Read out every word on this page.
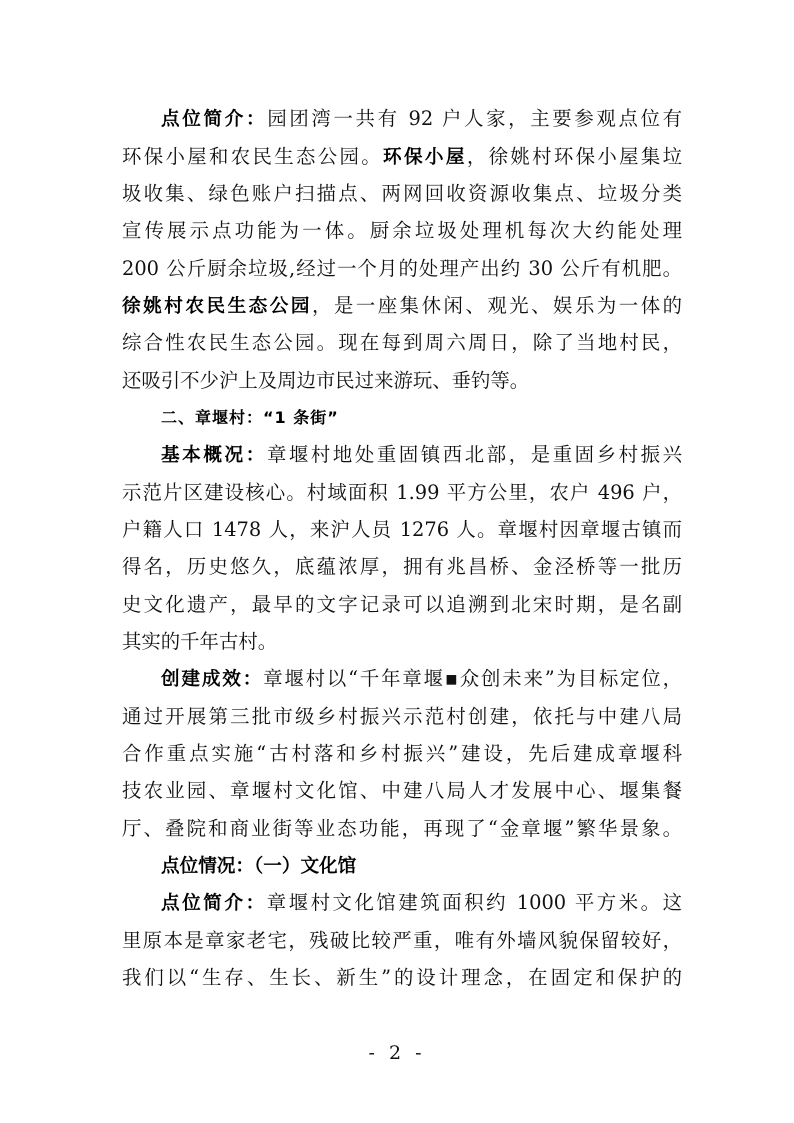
点位简介：园团湾一共有 92 户人家，主要参观点位有
环保小屋和农民生态公园。环保小屋，徐姚村环保小屋集垃
圾收集、绿色账户扫描点、两网回收资源收集点、垃圾分类
宣传展示点功能为一体。厨余垃圾处理机每次大约能处理
200 公斤厨余垃圾,经过一个月的处理产出约 30 公斤有机肥。
徐姚村农民生态公园，是一座集休闲、观光、娱乐为一体的
综合性农民生态公园。现在每到周六周日，除了当地村民，
还吸引不少沪上及周边市民过来游玩、垂钓等。
二、章堰村：“1 条街”
基本概况：章堰村地处重固镇西北部，是重固乡村振兴
示范片区建设核心。村域面积 1.99 平方公里，农户 496 户，
户籍人口 1478 人，来沪人员 1276 人。章堰村因章堰古镇而
得名，历史悠久，底蕴浓厚，拥有兆昌桥、金泾桥等一批历
史文化遗产，最早的文字记录可以追溯到北宋时期，是名副
其实的千年古村。
创建成效：章堰村以“千年章堰▪众创未来”为目标定位，
通过开展第三批市级乡村振兴示范村创建，依托与中建八局
合作重点实施“古村落和乡村振兴”建设，先后建成章堰科
技农业园、章堰村文化馆、中建八局人才发展中心、堰集餐
厅、叠院和商业街等业态功能，再现了“金章堰”繁华景象。
点位情况：（一）文化馆
点位简介：章堰村文化馆建筑面积约 1000 平方米。这
里原本是章家老宅，残破比较严重，唯有外墙风貌保留较好，
我们以“生存、生长、新生”的设计理念，在固定和保护的
- 2 -
